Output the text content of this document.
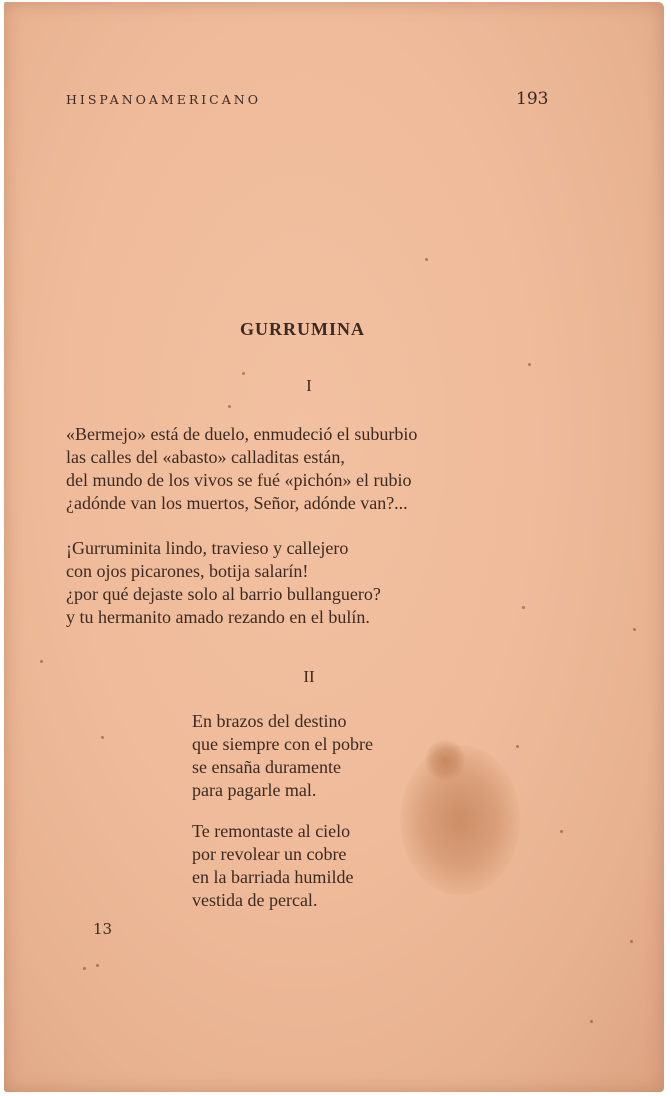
HISPANOAMERICANO	193

GURRUMINA

I

«Bermejo» está de duelo, enmudeció el suburbio
las calles del «abasto» calladitas están,
del mundo de los vivos se fué «pichón» el rubio
¿adónde van los muertos, Señor, adónde van?...
¡Gurruminita lindo, travieso y callejero
con ojos picarones, botija salarín!
¿por qué dejaste solo al barrio bullanguero?
y tu hermanito amado rezando en el bulín.

II

En brazos del destino
que siempre con el pobre
se ensaña duramente
para pagarle mal.
Te remontaste al cielo
por revolear un cobre
en la barriada humilde
vestida de percal.

13
